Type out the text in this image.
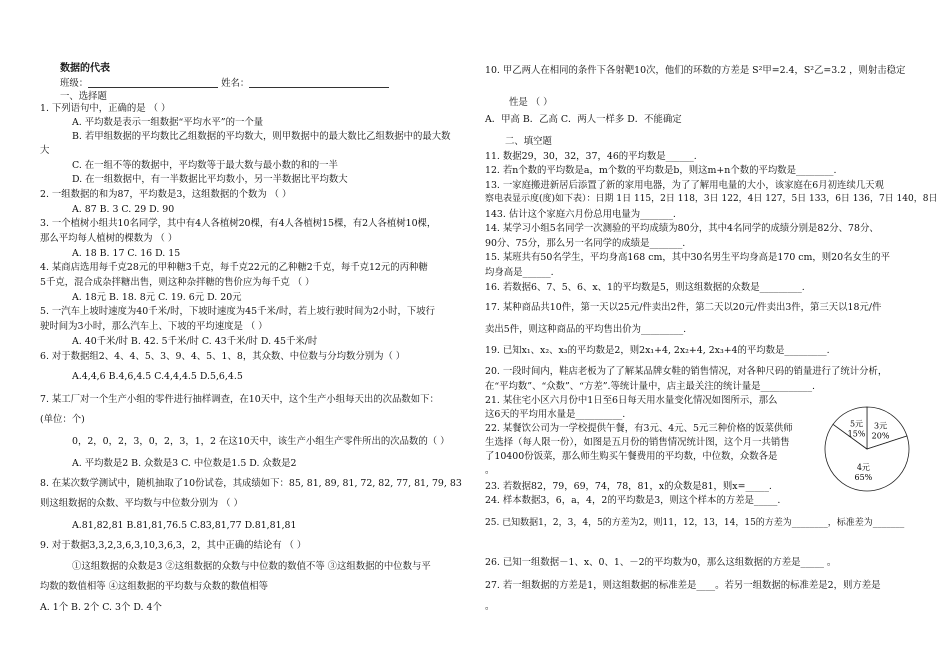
数据的代表
班级：	姓名：
一、选择题
1. 下列语句中，正确的是 （ ）
A. 平均数是表示一组数据“平均水平”的一个量
B. 若甲组数据的平均数比乙组数据的平均数大，则甲数据中的最大数比乙组数据中的最大数
大
C. 在一组不等的数据中，平均数等于最大数与最小数的和的一半
D. 在一组数据中，有一半数据比平均数小，另一半数据比平均数大
2. 一组数据的和为87，平均数是3，这组数据的个数为 （ ）
A. 87 B. 3 C. 29 D. 90
3. 一个植树小组共10名同学，其中有4人各植树20棵，有4人各植树15棵，有2人各植树10棵，
那么平均每人植树的棵数为 （ ）
A. 18 B. 17 C. 16 D. 15
4. 某商店选用每千克28元的甲种糖3千克，每千克22元的乙种糖2千克，每千克12元的丙种糖
5千克，混合成杂拌糖出售，则这种杂拌糖的售价应为每千克 （ ）
A. 18元 B. 18. 8元 C. 19. 6元 D. 20元
5. 一汽车上坡时速度为40千米/时，下坡时速度为45千米/时，若上坡行驶时间为2小时，下坡行
驶时间为3小时，那么汽车上、下坡的平均速度是 （ ）
A. 40千米/时 B. 42. 5千米/时 C. 43千米/时 D. 45千米/时
6. 对于数据组2、4、4、5、3、9、4、5、1、8，其众数、中位数与分均数分别为（ ）
A.4,4,6 B.4,6,4.5 C.4,4,4.5 D.5,6,4.5
7. 某工厂对一个生产小组的零件进行抽样调查，在10天中，这个生产小组每天出的次品数如下：
(单位：个)
0，2，0，2，3，0，2，3，1，2 在这10天中，该生产小组生产零件所出的次品数的（ ）
A. 平均数是2 B. 众数是3 C. 中位数是1.5 D. 众数是2
8. 在某次数学测试中，随机抽取了10份试卷，其成绩如下：85, 81, 89, 81, 72, 82, 77, 81, 79, 83
则这组数据的众数、平均数与中位数分别为 （ ）
A.81,82,81 B.81,81,76.5 C.83,81,77 D.81,81,81
9. 对于数据3,3,2,3,6,3,10,3,6,3，2，其中正确的结论有 （ ）
①这组数据的众数是3 ②这组数据的众数与中位数的数值不等 ③这组数据的中位数与平
均数的数值相等 ④这组数据的平均数与众数的数值相等
A. 1个 B. 2个 C. 3个 D. 4个
10. 甲乙两人在相同的条件下各射靶10次，他们的环数的方差是 S²甲=2.4，S²乙=3.2 ，则射击稳定
性是 （ ）
A．甲高 B．乙高 C．两人一样多 D．不能确定
二、填空题
11. 数据29，30，32，37，46的平均数是______.
12. 若n个数的平均数是a，m个数的平均数是b，则这m+n个数的平均数是________.
13. 一家庭搬进新居后添置了新的家用电器，为了了解用电量的大小，该家庭在6月初连续几天观
察电表显示度(度)如下表）：日期 1日 115，2日 118，3日 122，4日 127，5日 133，6日 136，7日 140，8日
143. 估计这个家庭六月份总用电量为_______.
14. 某学习小组5名同学一次测验的平均成绩为80分，其中4名同学的成绩分别是82分、78分、
90分、75分，那么另一名同学的成绩是_______.
15. 某班共有50名学生，平均身高168 cm，其中30名男生平均身高是170 cm，则20名女生的平
均身高是______.
16. 若数据6、7、5、6、x、1的平均数是5，则这组数据的众数是_________.
17. 某种商品共10件，第一天以25元/件卖出2件，第二天以20元/件卖出3件，第三天以18元/件
卖出5件，则这种商品的平均售出价为_________.
19. 已知x₁、x₂、x₃的平均数是2，则2x₁+4, 2x₂+4, 2x₃+4的平均数是_________.
20. 一段时间内，鞋店老板为了了解某品牌女鞋的销售情况，对各种尺码的销量进行了统计分析，
在“平均数”、“众数”、“方差”.等统计量中，店主最关注的统计量是___________.
21. 某住宅小区六月份中1日至6日每天用水量变化情况如图所示，那么
这6天的平均用水量是__________.
22. 某餐饮公司为一学校提供午餐，有3元、4元、5元三种价格的饭菜供师
生选择（每人限一份），如图是五月份的销售情况统计图，这个月一共销售
了10400份饭菜，那么师生购买午餐费用的平均数，中位数，众数各是
。
23. 若数据82，79，69，74，78，81，x的众数是81，则x=_____.
24. 样本数据3，6，a，4，2的平均数是3，则这个样本的方差是_____.
25. 已知数据1，2，3，4，5的方差为2，则11，12，13，14，15的方差为________，标准差为_______
26. 已知一组数据－1、x、0、1、－2的平均数为0，那么这组数据的方差是_____ 。
27. 若一组数据的方差是1，则这组数据的标准差是____。若另一组数据的标准差是2，则方差是
。
3元
20%
5元
15%
4元
65%
